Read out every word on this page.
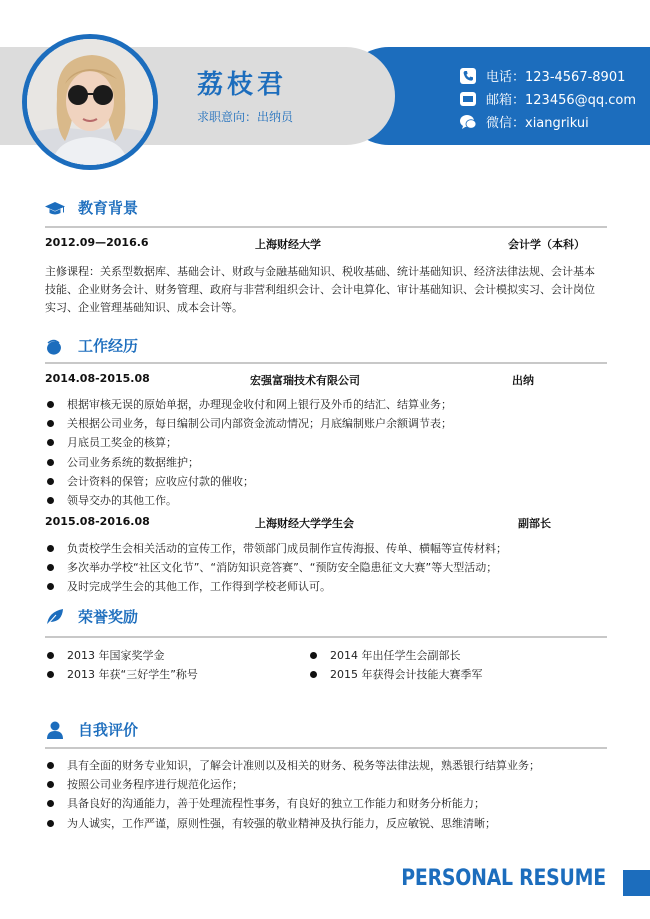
荔枝君
求职意向：出纳员
电话：123-4567-8901
邮箱：123456@qq.com
微信：xiangrikui
教育背景
2012.09—2016.6	上海财经大学	会计学（本科）
主修课程：关系型数据库、基础会计、财政与金融基础知识、税收基础、统计基础知识、经济法律法规、会计基本技能、企业财务会计、财务管理、政府与非营利组织会计、会计电算化、审计基础知识、会计模拟实习、会计岗位实习、企业管理基础知识、成本会计等。
工作经历
2014.08-2015.08	宏强富瑞技术有限公司	出纳
根据审核无误的原始单据，办理现金收付和网上银行及外币的结汇、结算业务；
关根据公司业务，每日编制公司内部资金流动情况；月底编制账户余额调节表；
月底员工奖金的核算；
公司业务系统的数据维护；
会计资料的保管；应收应付款的催收；
领导交办的其他工作。
2015.08-2016.08	上海财经大学学生会	副部长
负责校学生会相关活动的宣传工作，带领部门成员制作宣传海报、传单、横幅等宣传材料；
多次举办学校“社区文化节”、“消防知识竞答赛”、“预防安全隐患征文大赛”等大型活动；
及时完成学生会的其他工作，工作得到学校老师认可。
荣誉奖励
2013 年国家奖学金
2013 年获“三好学生”称号
2014 年出任学生会副部长
2015 年获得会计技能大赛季军
自我评价
具有全面的财务专业知识，了解会计准则以及相关的财务、税务等法律法规，熟悉银行结算业务；
按照公司业务程序进行规范化运作；
具备良好的沟通能力，善于处理流程性事务，有良好的独立工作能力和财务分析能力；
为人诚实，工作严谨，原则性强，有较强的敬业精神及执行能力，反应敏锐、思维清晰；
PERSONAL RESUME
